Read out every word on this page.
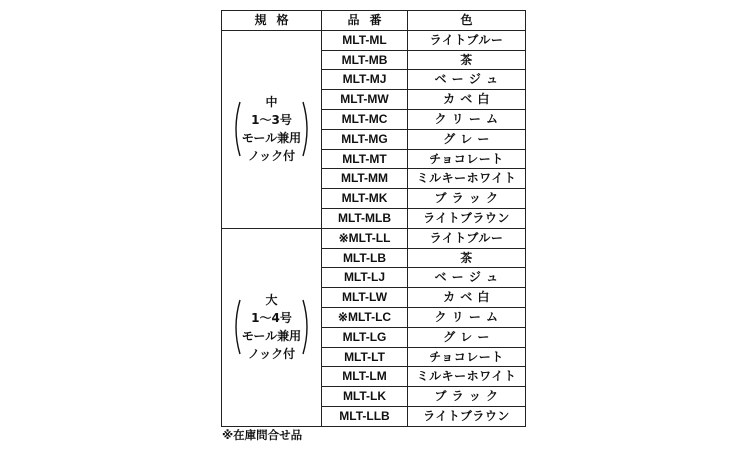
規格	品番	色

中
1〜3号
モール兼用
ノック付	MLT-ML	ライトブルー
	MLT-MB	茶
	MLT-MJ	ベ ー ジ ュ
	MLT-MW	カ ベ 白
	MLT-MC	ク リ ー ム
	MLT-MG	グ レ ー
	MLT-MT	チョコレート
	MLT-MM	ミルキーホワイト
	MLT-MK	ブ ラ ッ ク
	MLT-MLB	ライトブラウン

大
1〜4号
モール兼用
ノック付	※MLT-LL	ライトブルー
	MLT-LB	茶
	MLT-LJ	ベ ー ジ ュ
	MLT-LW	カ ベ 白
	※MLT-LC	ク リ ー ム
	MLT-LG	グ レ ー
	MLT-LT	チョコレート
	MLT-LM	ミルキーホワイト
	MLT-LK	ブ ラ ッ ク
	MLT-LLB	ライトブラウン
※在庫問合せ品
